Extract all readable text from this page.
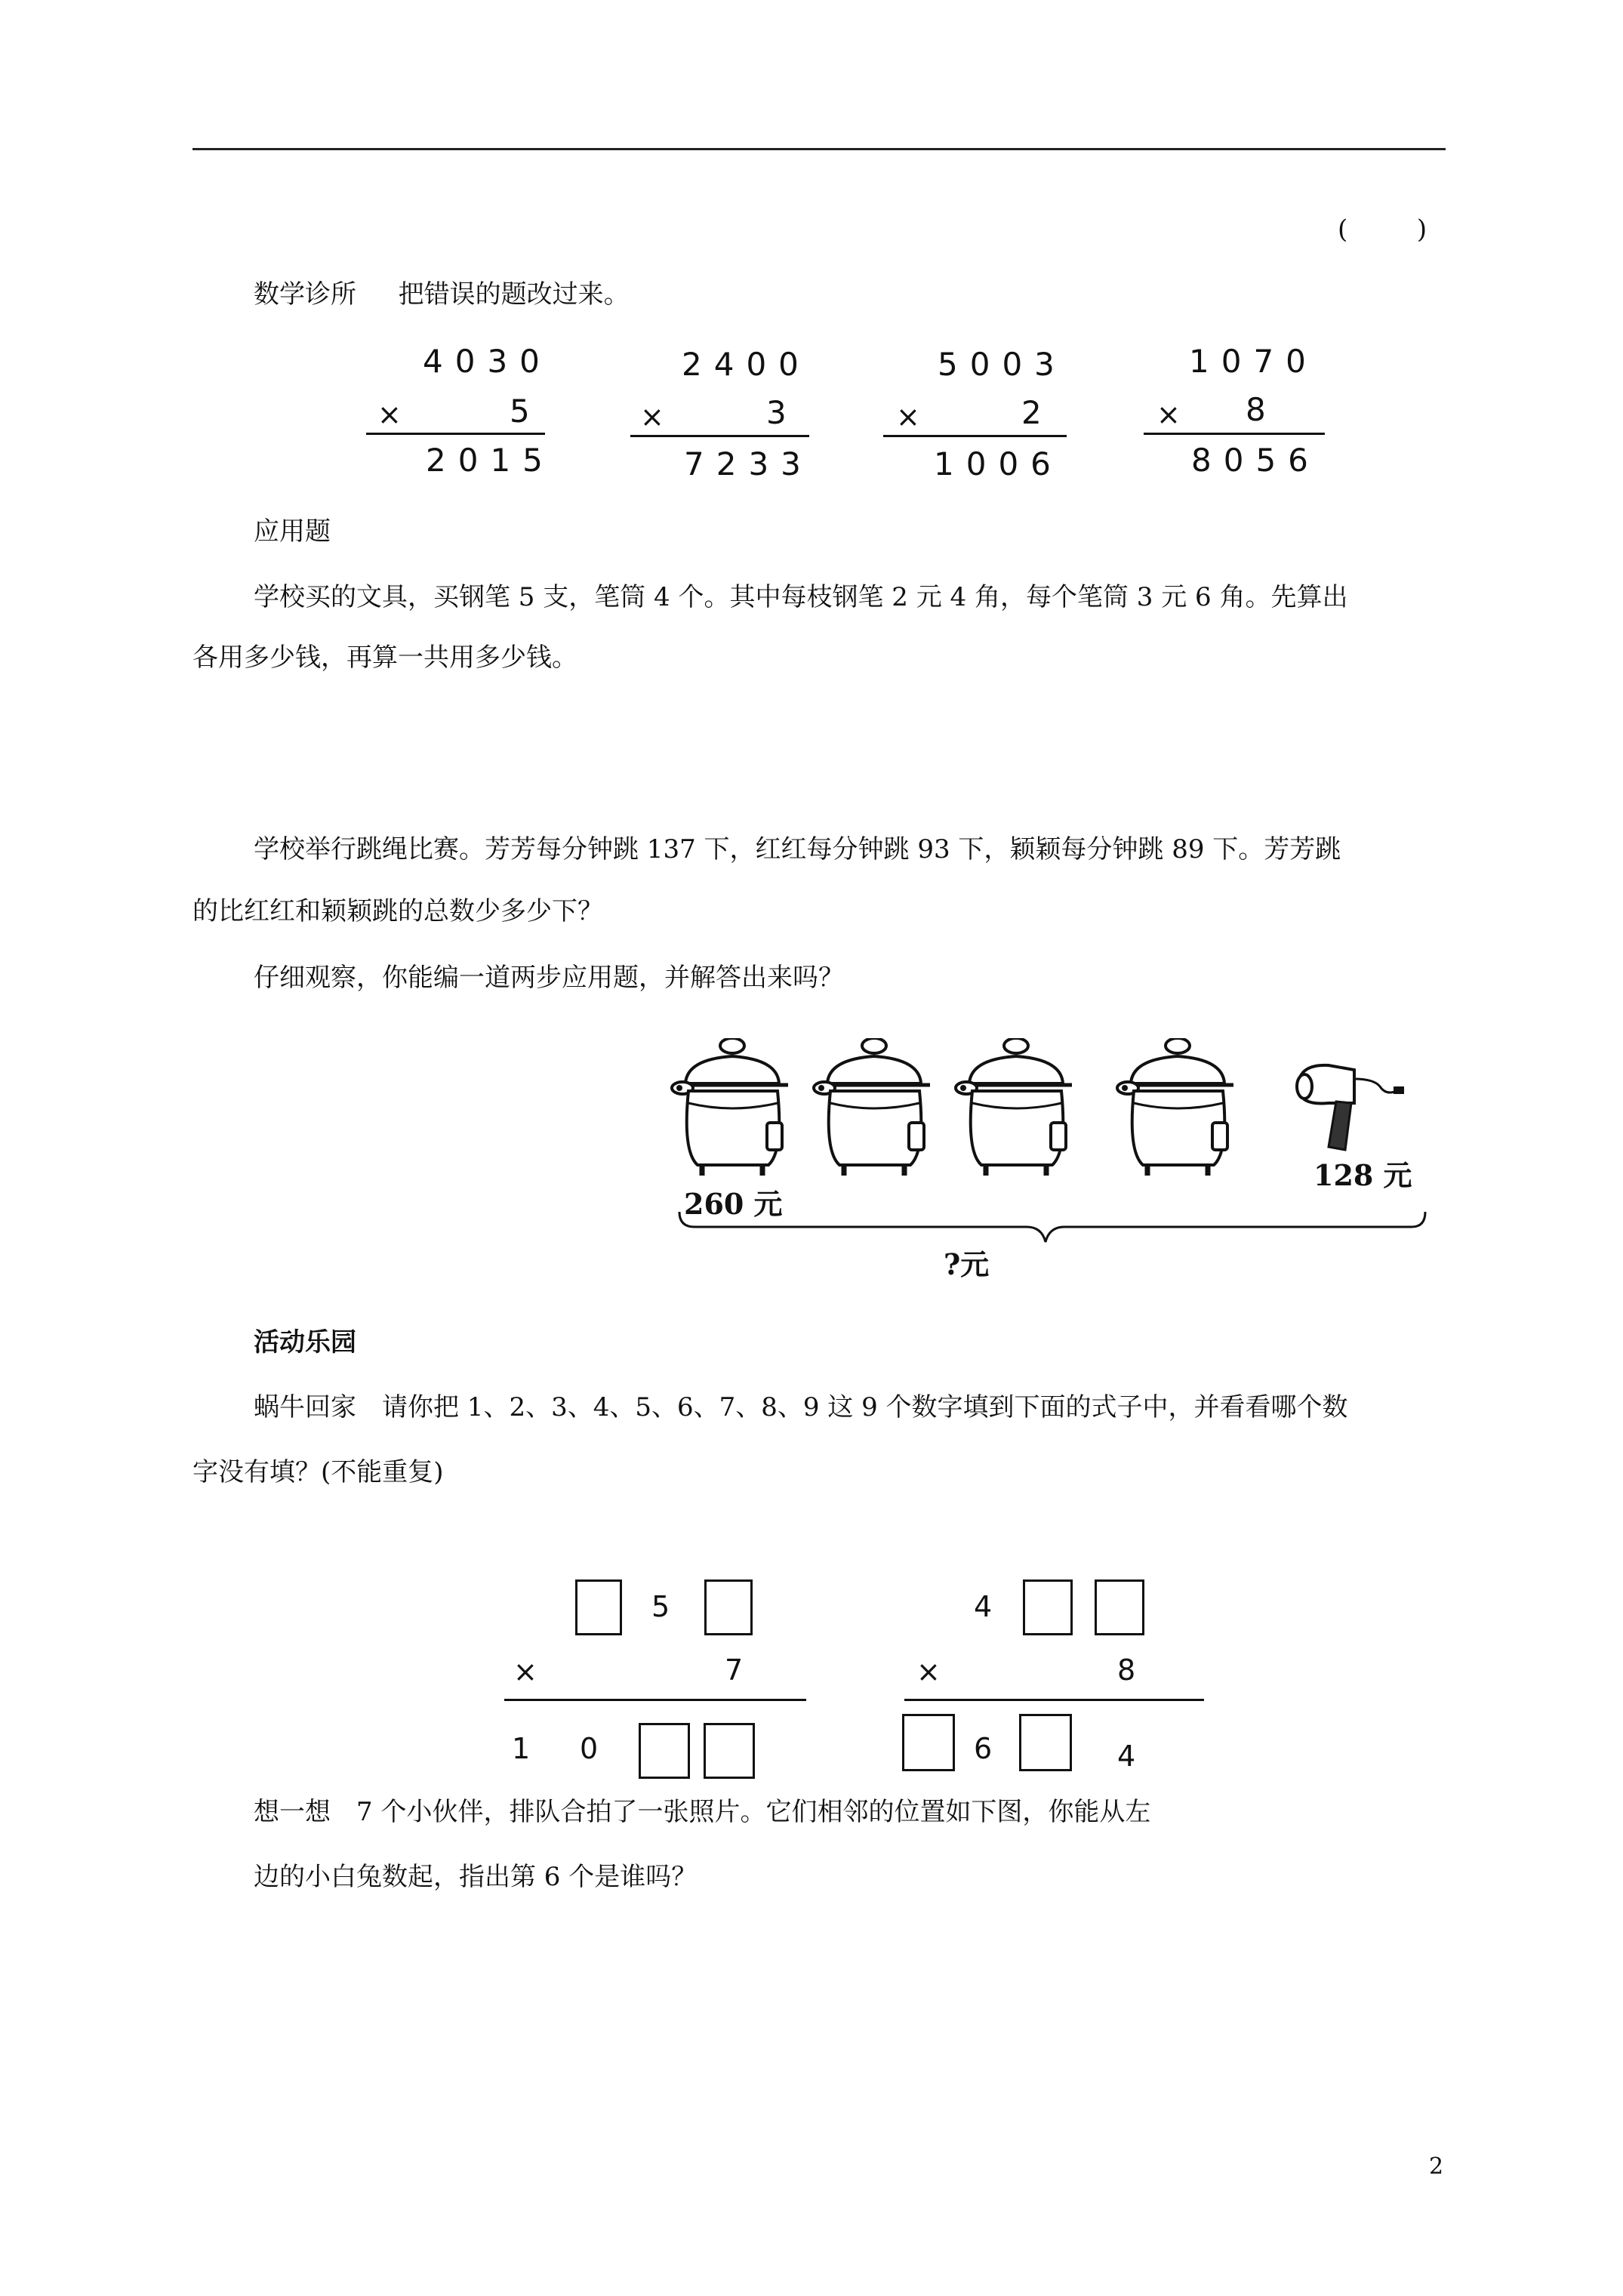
(	)
数学诊所 把错误的题改过来。
4030
×	5
2015
2400
×	3
7233
5003
×	2
1006
1070
× 8
8056
应用题
学校买的文具，买钢笔 5 支，笔筒 4 个。其中每枝钢笔 2 元 4 角，每个笔筒 3 元 6 角。先算出
各用多少钱，再算一共用多少钱。
学校举行跳绳比赛。芳芳每分钟跳 137 下，红红每分钟跳 93 下，颖颖每分钟跳 89 下。芳芳跳
的比红红和颖颖跳的总数少多少下？
仔细观察，你能编一道两步应用题，并解答出来吗？
260 元
128 元
?元
活动乐园
蜗牛回家　请你把 1、2、3、4、5、6、7、8、9 这 9 个数字填到下面的式子中，并看看哪个数
字没有填？(不能重复)
5
×	7
1 0
4
×	8
6	4
想一想　7 个小伙伴，排队合拍了一张照片。它们相邻的位置如下图，你能从左
边的小白兔数起，指出第 6 个是谁吗？
2
